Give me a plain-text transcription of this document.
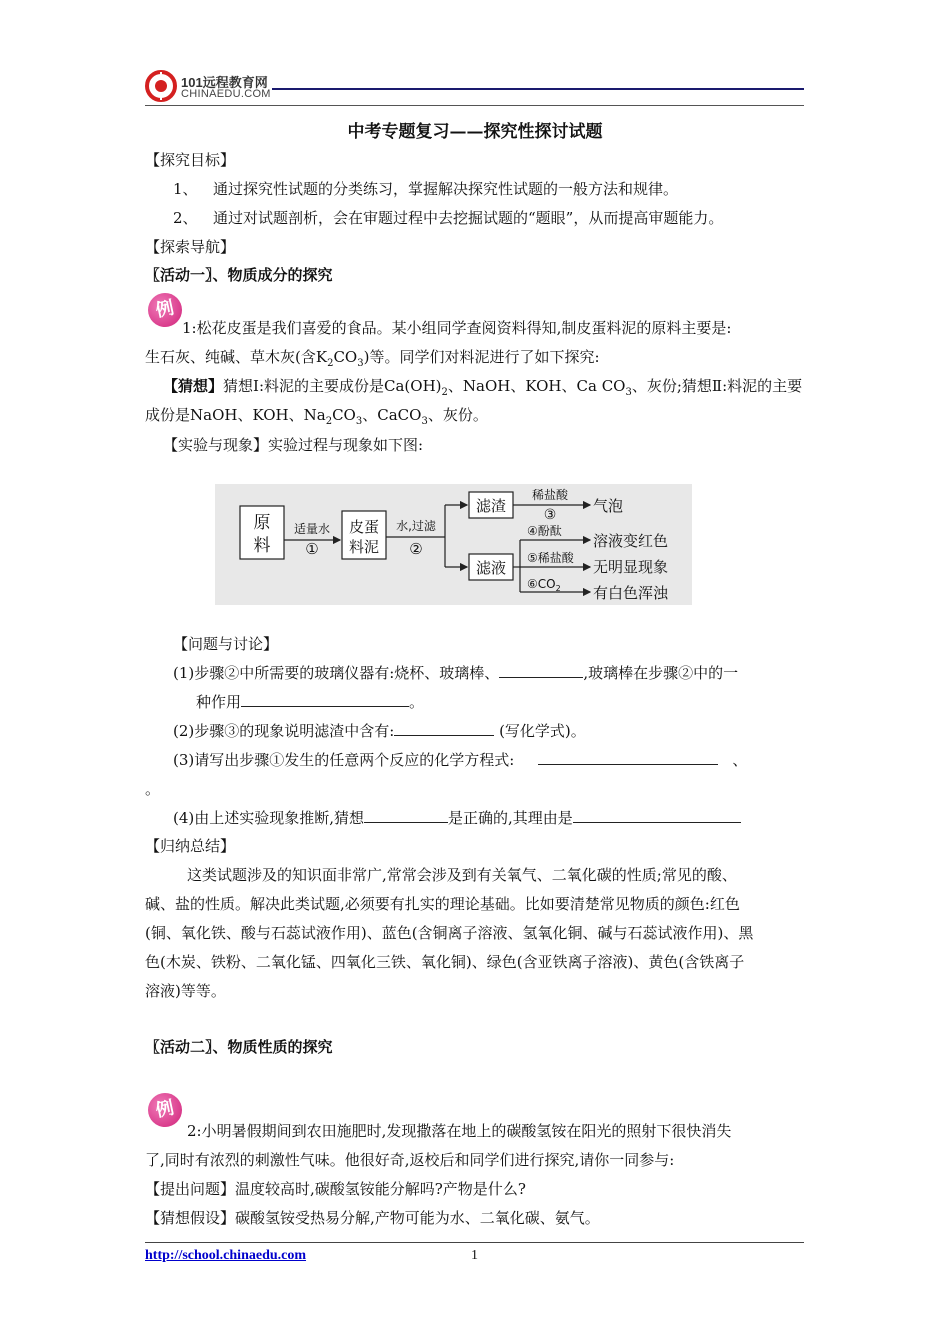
101远程教育网
CHINAEDU.COM
中考专题复习——探究性探讨试题
【探究目标】
1、 通过探究性试题的分类练习，掌握解决探究性试题的一般方法和规律。
2、 通过对试题剖析，会在审题过程中去挖掘试题的“题眼”，从而提高审题能力。
【探索导航】
〖活动一〗、物质成分的探究
例
1:松花皮蛋是我们喜爱的食品。某小组同学查阅资料得知,制皮蛋料泥的原料主要是:
生石灰、纯碱、草木灰(含$K_2CO_3$)等。同学们对料泥进行了如下探究:
【猜想】猜想Ⅰ:料泥的主要成份是$Ca(OH)_2$、NaOH、KOH、Ca $CO_3$、灰份;猜想Ⅱ:料泥的主要
成份是NaOH、KOH、$Na_2CO_3$、CaCO$_3$、灰份。
【实验与现象】实验过程与现象如下图:
原
料
适量水
①
皮蛋
料泥
水,过滤
②
滤渣
滤液
稀盐酸
③ 气泡
④酚酞
溶液变红色
⑤稀盐酸 无明显现象
$⑥CO_2$ 有白色浑浊
【问题与讨论】
(1)步骤②中所需要的玻璃仪器有:烧杯、玻璃棒、	,玻璃棒在步骤②中的一
种作用	。
(2)步骤③的现象说明滤渣中含有:	(写化学式)。
(3)请写出步骤①发生的任意两个反应的化学方程式:	、
。
(4)由上述实验现象推断,猜想	是正确的,其理由是
【归纳总结】
这类试题涉及的知识面非常广,常常会涉及到有关氧气、二氧化碳的性质;常见的酸、
碱、盐的性质。解决此类试题,必须要有扎实的理论基础。比如要清楚常见物质的颜色:红色
(铜、氧化铁、酸与石蕊试液作用)、蓝色(含铜离子溶液、氢氧化铜、碱与石蕊试液作用)、黑
色(木炭、铁粉、二氧化锰、四氧化三铁、氧化铜)、绿色(含亚铁离子溶液)、黄色(含铁离子
溶液)等等。
〖活动二〗、物质性质的探究
例
2:小明暑假期间到农田施肥时,发现撒落在地上的碳酸氢铵在阳光的照射下很快消失
了,同时有浓烈的刺激性气味。他很好奇,返校后和同学们进行探究,请你一同参与:
【提出问题】温度较高时,碳酸氢铵能分解吗?产物是什么?
【猜想假设】碳酸氢铵受热易分解,产物可能为水、二氧化碳、氨气。
http://school.chinaedu.com	1
